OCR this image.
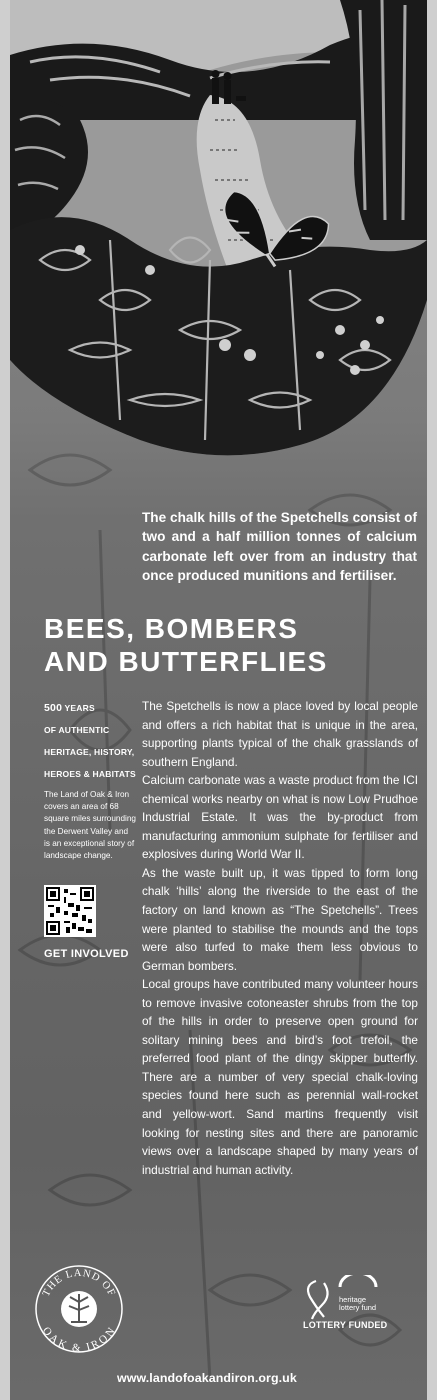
The chalk hills of the Spetchells consist of two and a half million tonnes of calcium carbonate left over from an industry that once produced munitions and fertiliser.

BEES, BOMBERS
AND BUTTERFLIES
500 YEARS
OF AUTHENTIC
HERITAGE, HISTORY,
HEROES & HABITATS
The Land of Oak & Iron covers an area of 68 square miles surrounding the Derwent Valley and is an exceptional story of landscape change.
GET INVOLVED

The Spetchells is now a place loved by local people and offers a rich habitat that is unique in the area, supporting plants typical of the chalk grasslands of southern England.

Calcium carbonate was a waste product from the ICI chemical works nearby on what is now Low Prudhoe Industrial Estate. It was the by-product from manufacturing ammonium sulphate for fertiliser and explosives during World War II.

As the waste built up, it was tipped to form long chalk ‘hills’ along the riverside to the east of the factory on land known as “The Spetchells”. Trees were planted to stabilise the mounds and the tops were also turfed to make them less obvious to German bombers.

Local groups have contributed many volunteer hours to remove invasive cotoneaster shrubs from the top of the hills in order to preserve open ground for solitary mining bees and bird’s foot trefoil, the preferred food plant of the dingy skipper butterfly. There are a number of very special chalk-loving species found here such as perennial wall-rocket and yellow-wort. Sand martins frequently visit looking for nesting sites and there are panoramic views over a landscape shaped by many years of industrial and human activity.

THE LAND OF
OAK & IRON
heritage
lottery fund
LOTTERY FUNDED
www.landofoakandiron.org.uk
